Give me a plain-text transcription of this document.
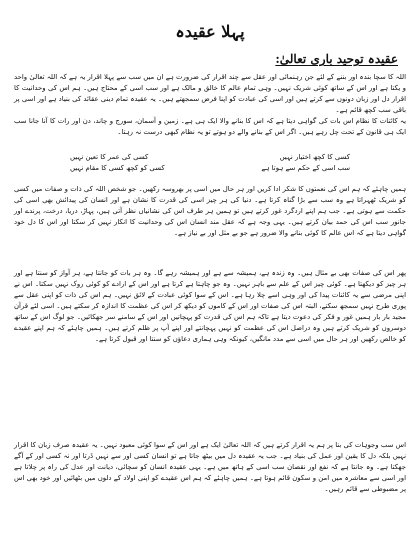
پہلا عقیدہ
عقیدہ توحید باری تعالیٰ:
اللہ کا سچا بندہ اور بننے کے لئے جن رہنمائی اور عقل سے چند اقرار کی ضرورت ہے ان میں سب سے پہلا اقرار یہ ہے کہ اللہ تعالیٰ واحد و یکتا ہے اور اس کے ساتھ کوئی شریک نہیں۔ وہی تمام عالم کا خالق و مالک ہے اور سب اسی کے محتاج ہیں۔ ہم اس کی وحدانیت کا اقرار دل اور زبان دونوں سے کرتے ہیں اور اسی کی عبادت کو اپنا فرض سمجھتے ہیں۔ یہ عقیدہ تمام دینی عقائد کی بنیاد ہے اور اسی پر باقی سب کچھ قائم ہے۔
یہ کائنات کا نظام اس بات کی گواہی دیتا ہے کہ اس کا بنانے والا ایک ہی ہے۔ زمین و آسمان، سورج و چاند، دن اور رات کا آنا جانا سب ایک ہی قانون کے تحت چل رہے ہیں۔ اگر اس کے بنانے والے دو ہوتے تو یہ نظام کبھی درست نہ رہتا۔
کسی کا کچھ اختیار نہیں
کسی کی عمر کا تعین نہیں
سب اسی کے حکم سے ہوتا ہے
کسی کو کچھ کسی کا مقام نہیں
ہمیں چاہئے کہ ہم اس کی نعمتوں کا شکر ادا کریں اور ہر حال میں اسی پر بھروسہ رکھیں۔ جو شخص اللہ کی ذات و صفات میں کسی کو شریک ٹھہراتا ہے وہ سب سے بڑا گناہ کرتا ہے۔ دنیا کی ہر چیز اسی کی قدرت کا نشان ہے اور انسان کی پیدائش بھی اسی کی حکمت سے ہوتی ہے۔ جب ہم اپنے اردگرد غور کرتے ہیں تو ہمیں ہر طرف اس کی نشانیاں نظر آتی ہیں، پہاڑ، دریا، درخت، پرندے اور جانور سب اس کی حمد بیان کرتے ہیں۔ یہی وجہ ہے کہ عقل مند انسان اس کی وحدانیت کا انکار نہیں کر سکتا اور اس کا دل خود گواہی دیتا ہے کہ اس عالم کا کوئی بنانے والا ضرور ہے جو بے مثل اور بے نیاز ہے۔
پھر اس کی صفات بھی بے مثال ہیں۔ وہ زندہ ہے، ہمیشہ سے ہے اور ہمیشہ رہے گا۔ وہ ہر بات کو جانتا ہے، ہر آواز کو سنتا ہے اور ہر چیز کو دیکھتا ہے۔ کوئی چیز اس کے علم سے باہر نہیں۔ وہ جو چاہتا ہے کرتا ہے اور اس کے ارادے کو کوئی روک نہیں سکتا۔ اس نے اپنی مرضی سے یہ کائنات پیدا کی اور وہی اسے چلا رہا ہے۔ اس کے سوا کوئی عبادت کے لائق نہیں۔ ہم اس کی ذات کو اپنی عقل سے پوری طرح نہیں سمجھ سکتے، البتہ اس کی صفات اور اس کے کاموں کو دیکھ کر اس کی عظمت کا اندازہ کر سکتے ہیں۔ اسی لئے قرآن مجید بار بار ہمیں غور و فکر کی دعوت دیتا ہے تاکہ ہم اس کی قدرت کو پہچانیں اور اس کے سامنے سر جھکائیں۔ جو لوگ اس کے ساتھ دوسروں کو شریک کرتے ہیں وہ دراصل اس کی عظمت کو نہیں پہچانتے اور اپنے آپ پر ظلم کرتے ہیں۔ ہمیں چاہئے کہ ہم اپنے عقیدے کو خالص رکھیں اور ہر حال میں اسی سے مدد مانگیں، کیونکہ وہی ہماری دعاؤں کو سنتا اور قبول کرتا ہے۔
اس سب وجوہات کی بنا پر ہم یہ اقرار کرتے ہیں کہ اللہ تعالیٰ ایک ہے اور اس کے سوا کوئی معبود نہیں۔ یہ عقیدہ صرف زبان کا اقرار نہیں بلکہ دل کا یقین اور عمل کی بنیاد ہے۔ جب یہ عقیدہ دل میں بیٹھ جاتا ہے تو انسان کسی اور سے نہیں ڈرتا اور نہ کسی اور کے آگے جھکتا ہے۔ وہ جانتا ہے کہ نفع اور نقصان سب اسی کے ہاتھ میں ہے۔ یہی عقیدہ انسان کو سچائی، دیانت اور عدل کی راہ پر چلاتا ہے اور اسی سے معاشرہ میں امن و سکون قائم ہوتا ہے۔ ہمیں چاہئے کہ ہم اس عقیدے کو اپنی اولاد کے دلوں میں بٹھائیں اور خود بھی اس پر مضبوطی سے قائم رہیں۔
